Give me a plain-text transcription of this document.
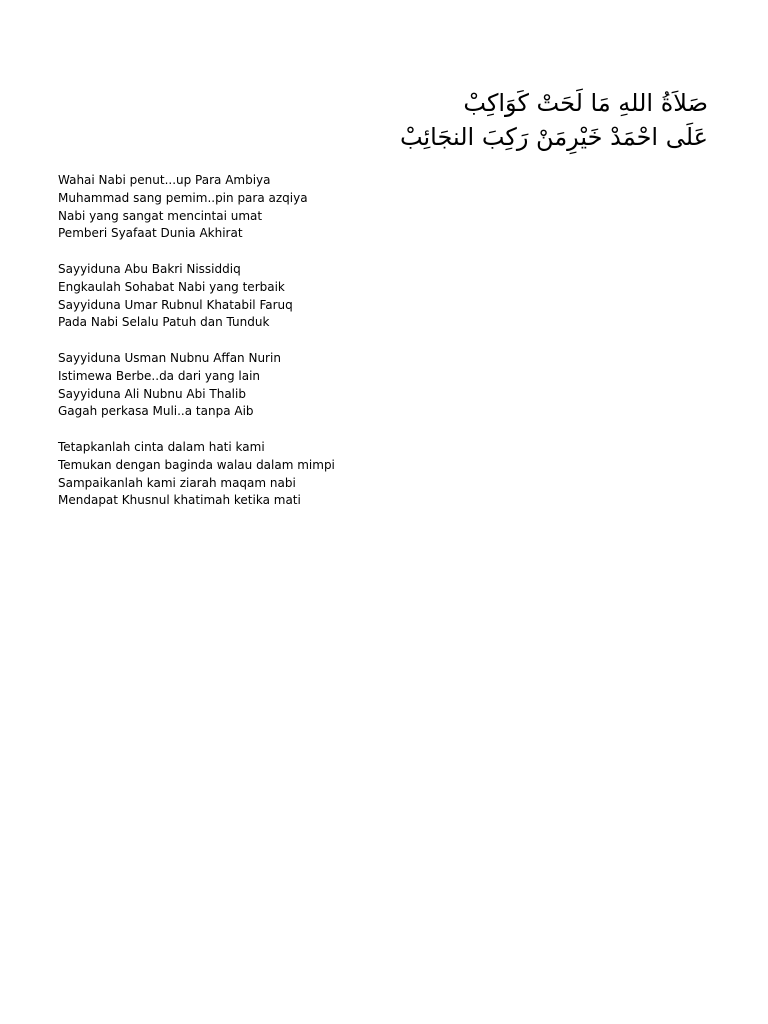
صَلاَةُ اللهِ مَا لَحَتْ كَوَاكِبْ
عَلَى احْمَدْ خَيْرِمَنْ رَكِبَ النجَائِبْ
Wahai Nabi penut...up Para Ambiya
Muhammad sang pemim..pin para azqiya
Nabi yang sangat mencintai umat
Pemberi Syafaat Dunia Akhirat
Sayyiduna Abu Bakri Nissiddiq
Engkaulah Sohabat Nabi yang terbaik
Sayyiduna Umar Rubnul Khatabil Faruq
Pada Nabi Selalu Patuh dan Tunduk
Sayyiduna Usman Nubnu Affan Nurin
Istimewa Berbe..da dari yang lain
Sayyiduna Ali Nubnu Abi Thalib
Gagah perkasa Muli..a tanpa Aib
Tetapkanlah cinta dalam hati kami
Temukan dengan baginda walau dalam mimpi
Sampaikanlah kami ziarah maqam nabi
Mendapat Khusnul khatimah ketika mati
